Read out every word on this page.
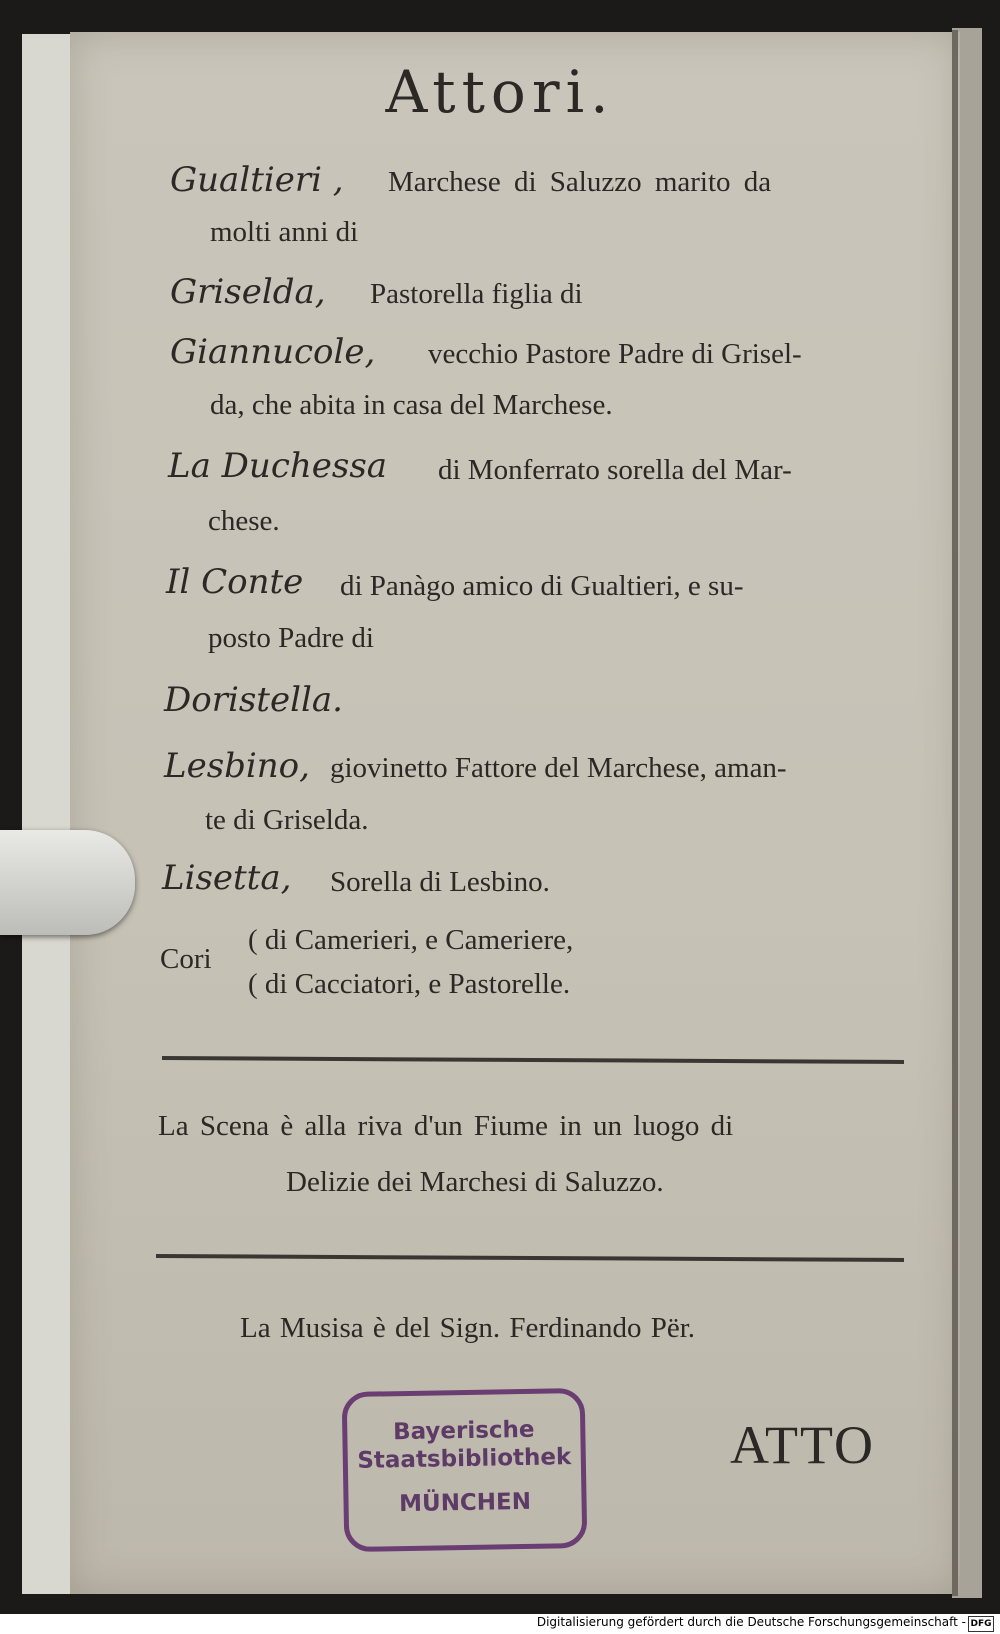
Attori.
Gualtieri , Marchese di Saluzzo marito da
molti anni di
Griselda, Pastorella figlia di
Giannucole, vecchio Pastore Padre di Grisel-
da, che abita in casa del Marchese.
La Duchessa di Monferrato sorella del Mar-
chese.
Il Conte di Panàgo amico di Gualtieri, e su-
posto Padre di
Doristella.
Lesbino, giovinetto Fattore del Marchese, aman-
te di Griselda.
Lisetta, Sorella di Lesbino.
Cori
( di Camerieri, e Cameriere,
( di Cacciatori, e Pastorelle.
La Scena è alla riva d'un Fiume in un luogo di
Delizie dei Marchesi di Saluzzo.
La Musisa è del Sign. Ferdinando Për.
Bayerische
Staatsbibliothek
MÜNCHEN
ATTO
Digitalisierung gefördert durch die Deutsche Forschungsgemeinschaft - DFG
